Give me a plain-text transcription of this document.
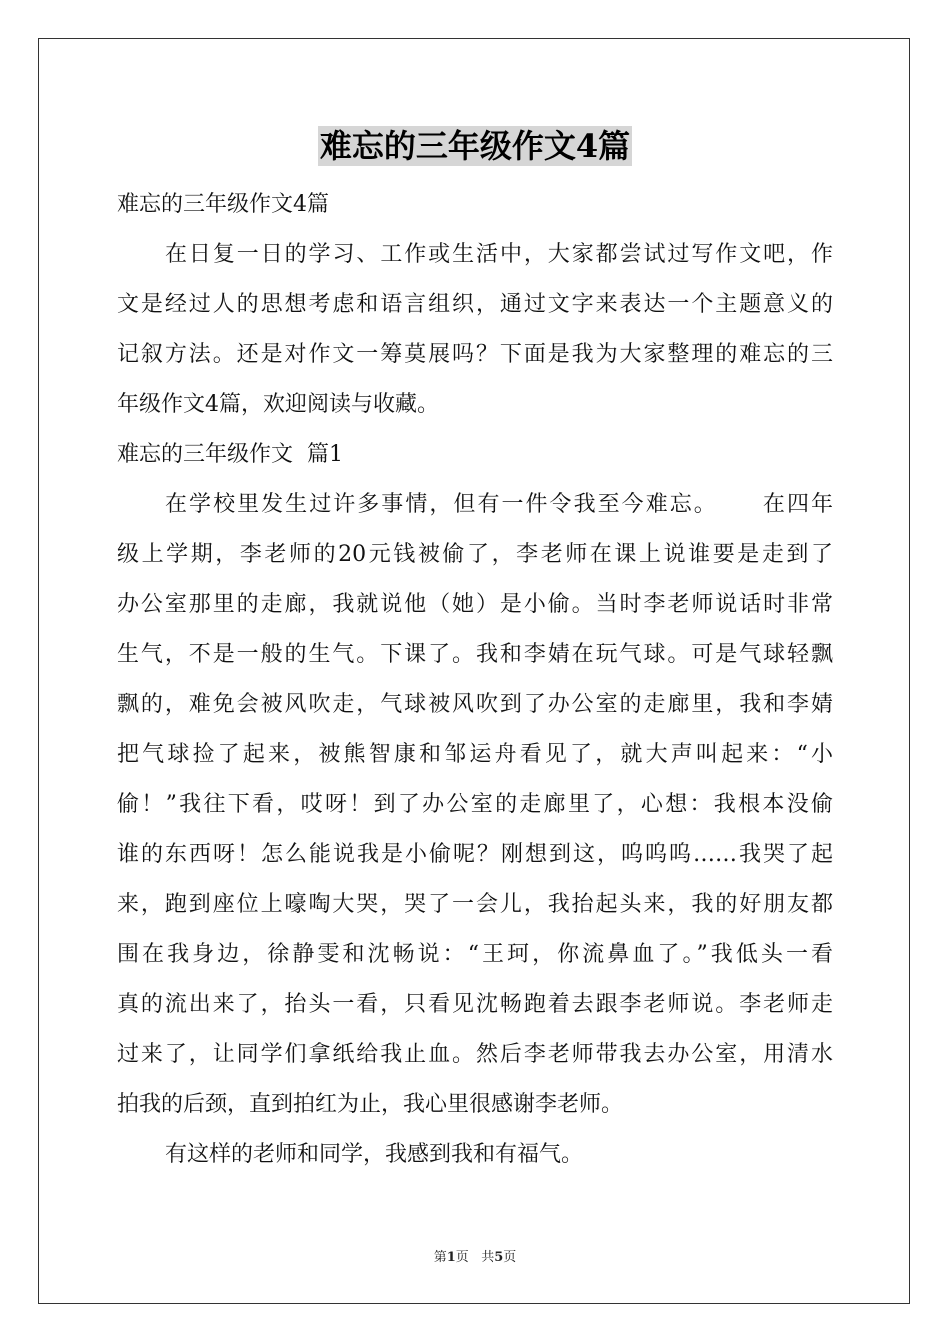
难忘的三年级作文4篇
难忘的三年级作文4篇
在日复一日的学习、工作或生活中，大家都尝试过写作文吧，作
文是经过人的思想考虑和语言组织，通过文字来表达一个主题意义的
记叙方法。还是对作文一筹莫展吗？下面是我为大家整理的难忘的三
年级作文4篇，欢迎阅读与收藏。
难忘的三年级作文  篇1
在学校里发生过许多事情，但有一件令我至今难忘。     在四年
级上学期，李老师的20元钱被偷了，李老师在课上说谁要是走到了
办公室那里的走廊，我就说他（她）是小偷。当时李老师说话时非常
生气，不是一般的生气。下课了。我和李婧在玩气球。可是气球轻飘
飘的，难免会被风吹走，气球被风吹到了办公室的走廊里，我和李婧
把气球捡了起来，被熊智康和邹运舟看见了，就大声叫起来：“小
偷！”我往下看，哎呀！到了办公室的走廊里了，心想：我根本没偷
谁的东西呀！怎么能说我是小偷呢？刚想到这，呜呜呜……我哭了起
来，跑到座位上嚎啕大哭，哭了一会儿，我抬起头来，我的好朋友都
围在我身边，徐静雯和沈畅说：“王珂，你流鼻血了。”我低头一看
真的流出来了，抬头一看，只看见沈畅跑着去跟李老师说。李老师走
过来了，让同学们拿纸给我止血。然后李老师带我去办公室，用清水
拍我的后颈，直到拍红为止，我心里很感谢李老师。
有这样的老师和同学，我感到我和有福气。
第1页   共5页
